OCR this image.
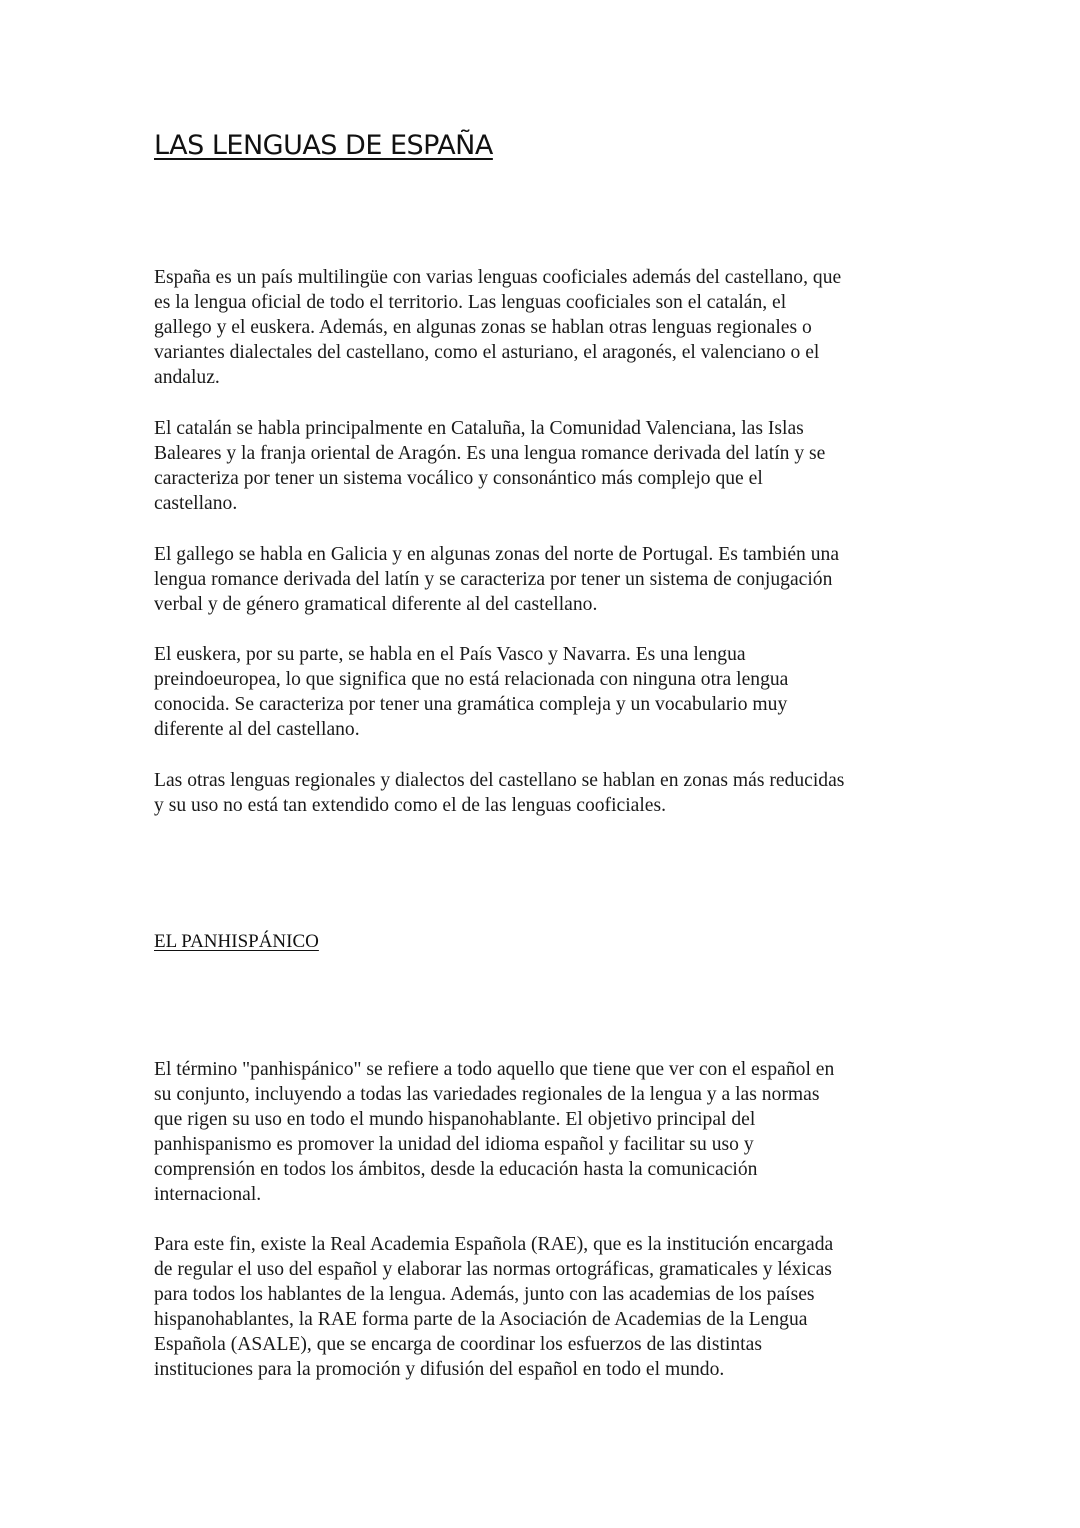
LAS LENGUAS DE ESPAÑA
España es un país multilingüe con varias lenguas cooficiales además del castellano, que
es la lengua oficial de todo el territorio. Las lenguas cooficiales son el catalán, el
gallego y el euskera. Además, en algunas zonas se hablan otras lenguas regionales o
variantes dialectales del castellano, como el asturiano, el aragonés, el valenciano o el
andaluz.
El catalán se habla principalmente en Cataluña, la Comunidad Valenciana, las Islas
Baleares y la franja oriental de Aragón. Es una lengua romance derivada del latín y se
caracteriza por tener un sistema vocálico y consonántico más complejo que el
castellano.
El gallego se habla en Galicia y en algunas zonas del norte de Portugal. Es también una
lengua romance derivada del latín y se caracteriza por tener un sistema de conjugación
verbal y de género gramatical diferente al del castellano.
El euskera, por su parte, se habla en el País Vasco y Navarra. Es una lengua
preindoeuropea, lo que significa que no está relacionada con ninguna otra lengua
conocida. Se caracteriza por tener una gramática compleja y un vocabulario muy
diferente al del castellano.
Las otras lenguas regionales y dialectos del castellano se hablan en zonas más reducidas
y su uso no está tan extendido como el de las lenguas cooficiales.
EL PANHISPÁNICO
El término "panhispánico" se refiere a todo aquello que tiene que ver con el español en
su conjunto, incluyendo a todas las variedades regionales de la lengua y a las normas
que rigen su uso en todo el mundo hispanohablante. El objetivo principal del
panhispanismo es promover la unidad del idioma español y facilitar su uso y
comprensión en todos los ámbitos, desde la educación hasta la comunicación
internacional.
Para este fin, existe la Real Academia Española (RAE), que es la institución encargada
de regular el uso del español y elaborar las normas ortográficas, gramaticales y léxicas
para todos los hablantes de la lengua. Además, junto con las academias de los países
hispanohablantes, la RAE forma parte de la Asociación de Academias de la Lengua
Española (ASALE), que se encarga de coordinar los esfuerzos de las distintas
instituciones para la promoción y difusión del español en todo el mundo.
